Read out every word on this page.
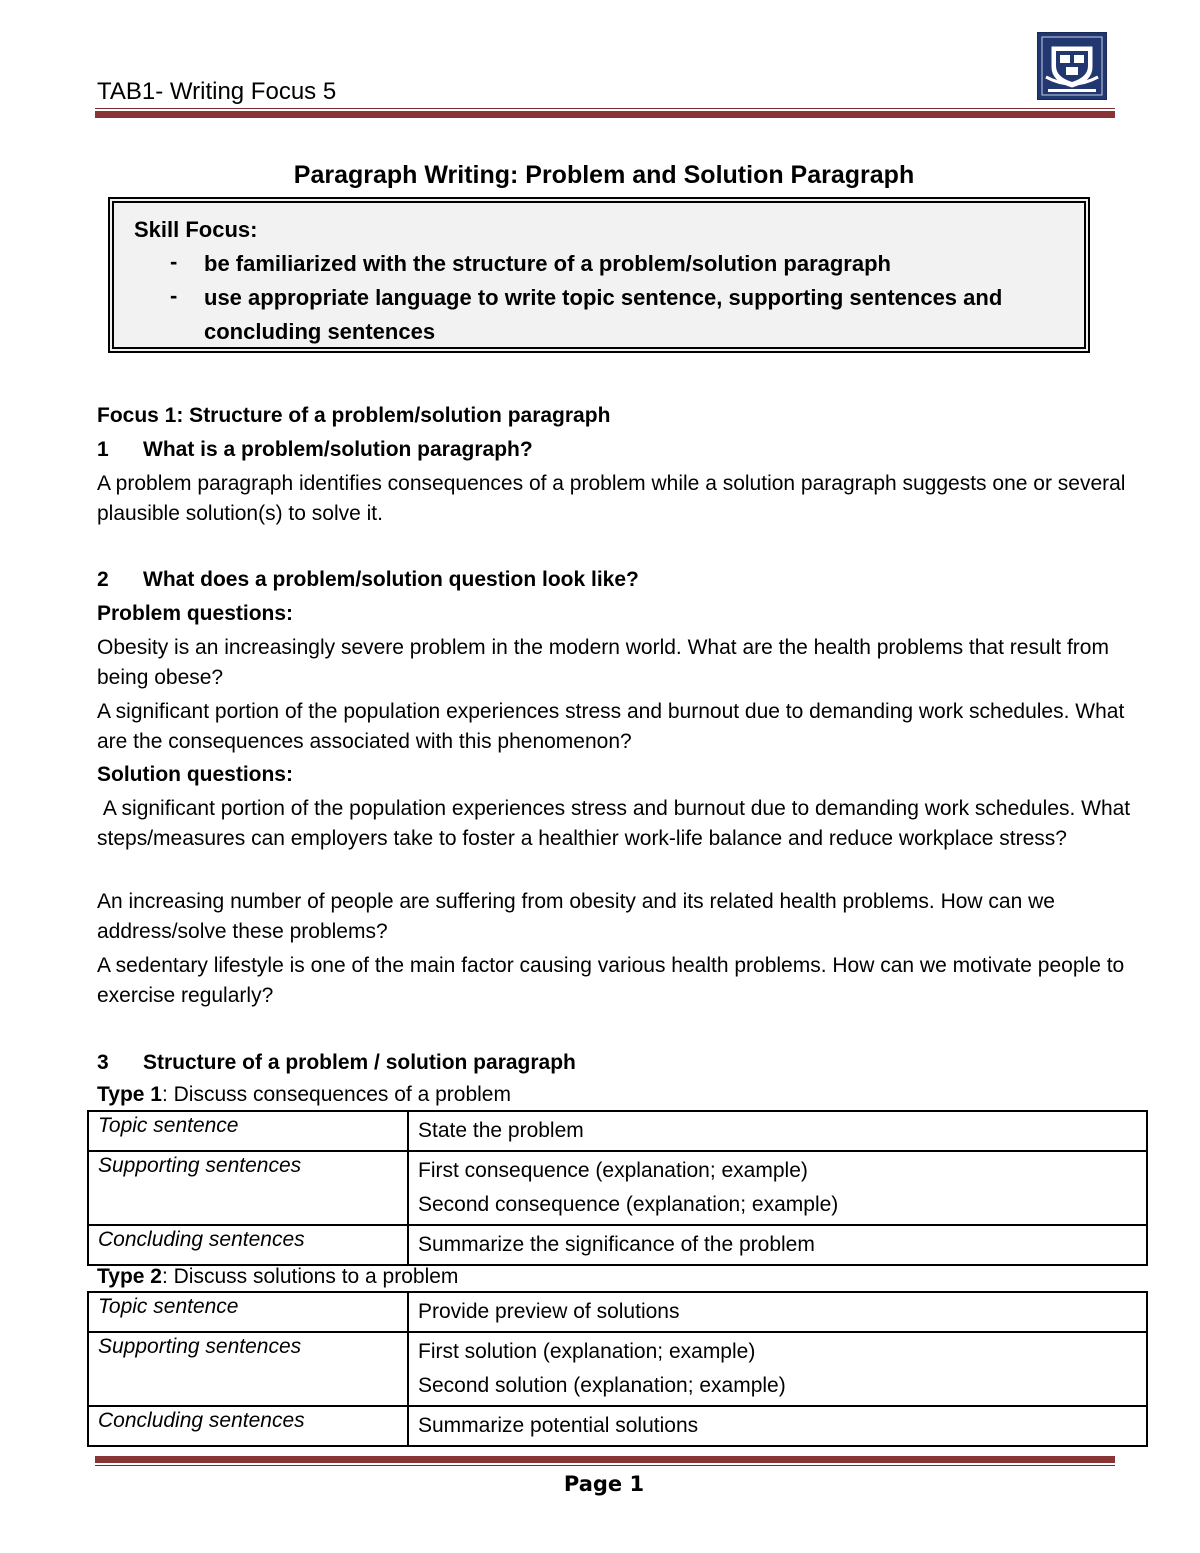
TAB1- Writing Focus 5
Paragraph Writing: Problem and Solution Paragraph
Skill Focus:
- be familiarized with the structure of a problem/solution paragraph
- use appropriate language to write topic sentence, supporting sentences and concluding sentences
Focus 1: Structure of a problem/solution paragraph
1 What is a problem/solution paragraph?
A problem paragraph identifies consequences of a problem while a solution paragraph suggests one or several plausible solution(s) to solve it.
2 What does a problem/solution question look like?
Problem questions:
Obesity is an increasingly severe problem in the modern world. What are the health problems that result from being obese?
A significant portion of the population experiences stress and burnout due to demanding work schedules. What are the consequences associated with this phenomenon?
Solution questions:
A significant portion of the population experiences stress and burnout due to demanding work schedules. What steps/measures can employers take to foster a healthier work-life balance and reduce workplace stress?
An increasing number of people are suffering from obesity and its related health problems. How can we address/solve these problems?
A sedentary lifestyle is one of the main factor causing various health problems. How can we motivate people to exercise regularly?
3 Structure of a problem / solution paragraph
Type 1: Discuss consequences of a problem
Topic sentence	State the problem

Supporting sentences	First consequence (explanation; example)
Second consequence (explanation; example)

Concluding sentences	Summarize the significance of the problem
Type 2: Discuss solutions to a problem
Topic sentence	Provide preview of solutions

Supporting sentences	First solution (explanation; example)
Second solution (explanation; example)

Concluding sentences	Summarize potential solutions
Page 1
